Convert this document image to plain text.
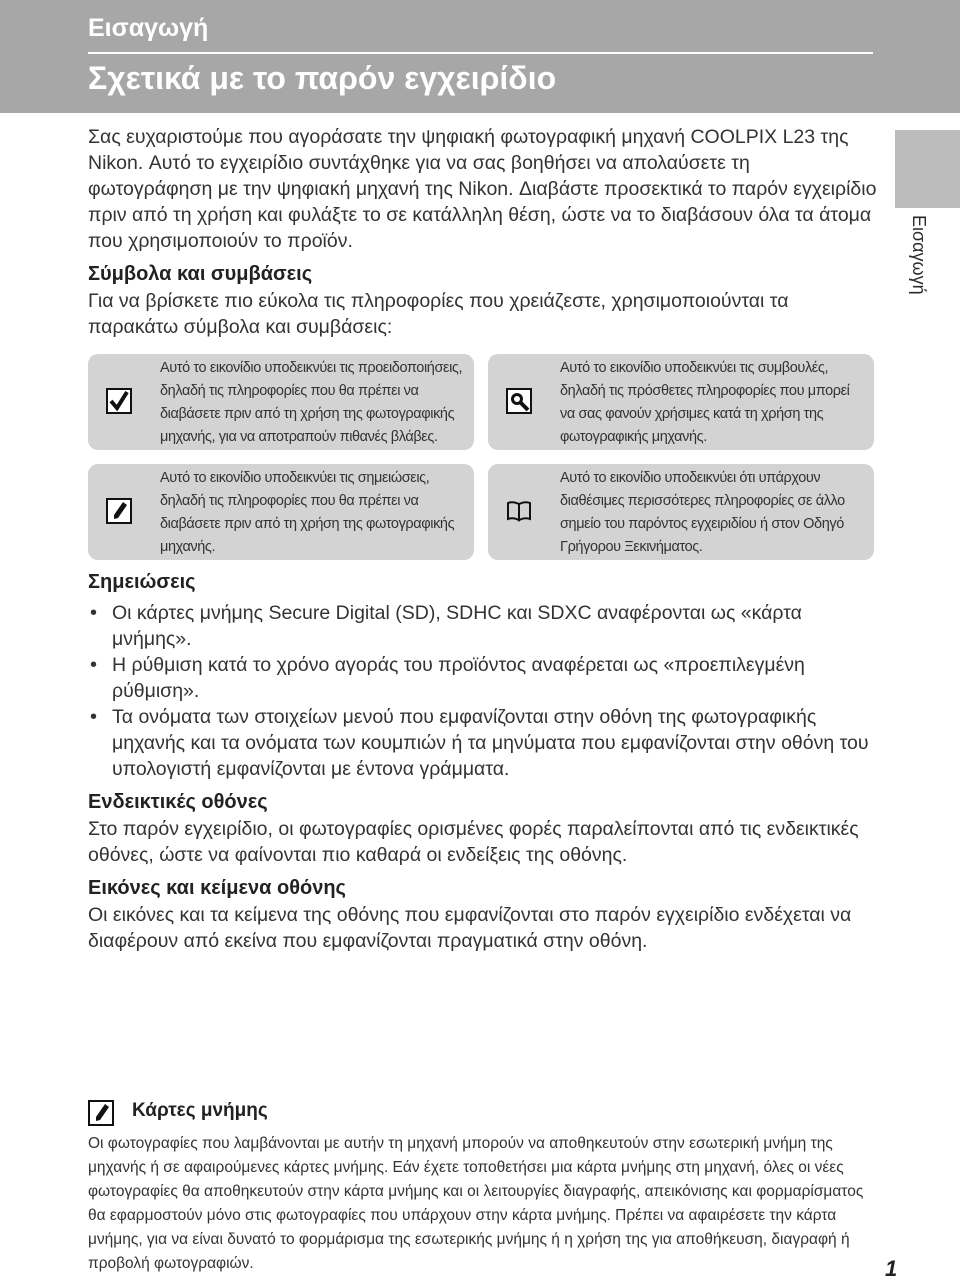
Εισαγωγή
Σχετικά με το παρόν εγχειρίδιο
Εισαγωγή

Σας ευχαριστούμε που αγοράσατε την ψηφιακή φωτογραφική μηχανή COOLPIX L23 της Nikon. Αυτό το εγχειρίδιο συντάχθηκε για να σας βοηθήσει να απολαύσετε τη φωτογράφηση με την ψηφιακή μηχανή της Nikon. Διαβάστε προσεκτικά το παρόν εγχειρίδιο πριν από τη χρήση και φυλάξτε το σε κατάλληλη θέση, ώστε να το διαβάσουν όλα τα άτομα που χρησιμοποιούν το προϊόν.

Σύμβολα και συμβάσεις

Για να βρίσκετε πιο εύκολα τις πληροφορίες που χρειάζεστε, χρησιμοποιούνται τα παρακάτω σύμβολα και συμβάσεις:

Αυτό το εικονίδιο υποδεικνύει τις προειδοποιήσεις, δηλαδή τις πληροφορίες που θα πρέπει να διαβάσετε πριν από τη χρήση της φωτογραφικής μηχανής, για να αποτραπούν πιθανές βλάβες.
Αυτό το εικονίδιο υποδεικνύει τις συμβουλές, δηλαδή τις πρόσθετες πληροφορίες που μπορεί να σας φανούν χρήσιμες κατά τη χρήση της φωτογραφικής μηχανής.
Αυτό το εικονίδιο υποδεικνύει τις σημειώσεις, δηλαδή τις πληροφορίες που θα πρέπει να διαβάσετε πριν από τη χρήση της φωτογραφικής μηχανής.
Αυτό το εικονίδιο υποδεικνύει ότι υπάρχουν διαθέσιμες περισσότερες πληροφορίες σε άλλο σημείο του παρόντος εγχειριδίου ή στον Οδηγό Γρήγορου Ξεκινήματος.
Σημειώσεις
• Οι κάρτες μνήμης Secure Digital (SD), SDHC και SDXC αναφέρονται ως «κάρτα μνήμης».
• Η ρύθμιση κατά το χρόνο αγοράς του προϊόντος αναφέρεται ως «προεπιλεγμένη ρύθμιση».
• Τα ονόματα των στοιχείων μενού που εμφανίζονται στην οθόνη της φωτογραφικής μηχανής και τα ονόματα των κουμπιών ή τα μηνύματα που εμφανίζονται στην οθόνη του υπολογιστή εμφανίζονται με έντονα γράμματα.
Ενδεικτικές οθόνες

Στο παρόν εγχειρίδιο, οι φωτογραφίες ορισμένες φορές παραλείπονται από τις ενδεικτικές οθόνες, ώστε να φαίνονται πιο καθαρά οι ενδείξεις της οθόνης.

Εικόνες και κείμενα οθόνης

Οι εικόνες και τα κείμενα της οθόνης που εμφανίζονται στο παρόν εγχειρίδιο ενδέχεται να διαφέρουν από εκείνα που εμφανίζονται πραγματικά στην οθόνη.

Κάρτες μνήμης

Οι φωτογραφίες που λαμβάνονται με αυτήν τη μηχανή μπορούν να αποθηκευτούν στην εσωτερική μνήμη της μηχανής ή σε αφαιρούμενες κάρτες μνήμης. Εάν έχετε τοποθετήσει μια κάρτα μνήμης στη μηχανή, όλες οι νέες φωτογραφίες θα αποθηκευτούν στην κάρτα μνήμης και οι λειτουργίες διαγραφής, απεικόνισης και φορμαρίσματος θα εφαρμοστούν μόνο στις φωτογραφίες που υπάρχουν στην κάρτα μνήμης. Πρέπει να αφαιρέσετε την κάρτα μνήμης, για να είναι δυνατό το φορμάρισμα της εσωτερικής μνήμης ή η χρήση της για αποθήκευση, διαγραφή ή προβολή φωτογραφιών.	1
